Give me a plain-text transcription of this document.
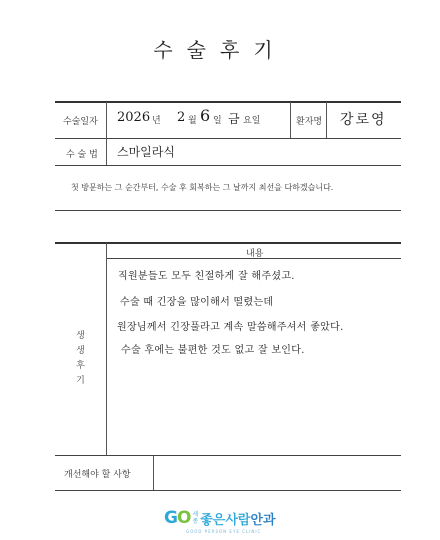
수술후기
수술일자 2026 년 2 월 6 일 금 요일	환자명 강로영
수 술 법 스마일라식
첫 방문하는 그 순간부터, 수술 후 회복하는 그 날까지 최선을 다하겠습니다.
내용
생생후기
직원분들도 모두 친절하게 잘 해주셨고.
수술 때 긴장을 많이해서 떨렸는데
원장님께서 긴장풀라고 계속 말씀해주셔서 좋았다.
수술 후에는 불편한 것도 없고 잘 보인다.
개선해야 할 사항
GO 세
종 좋은사람안과
GOOD PERSON EYE CLINIC
